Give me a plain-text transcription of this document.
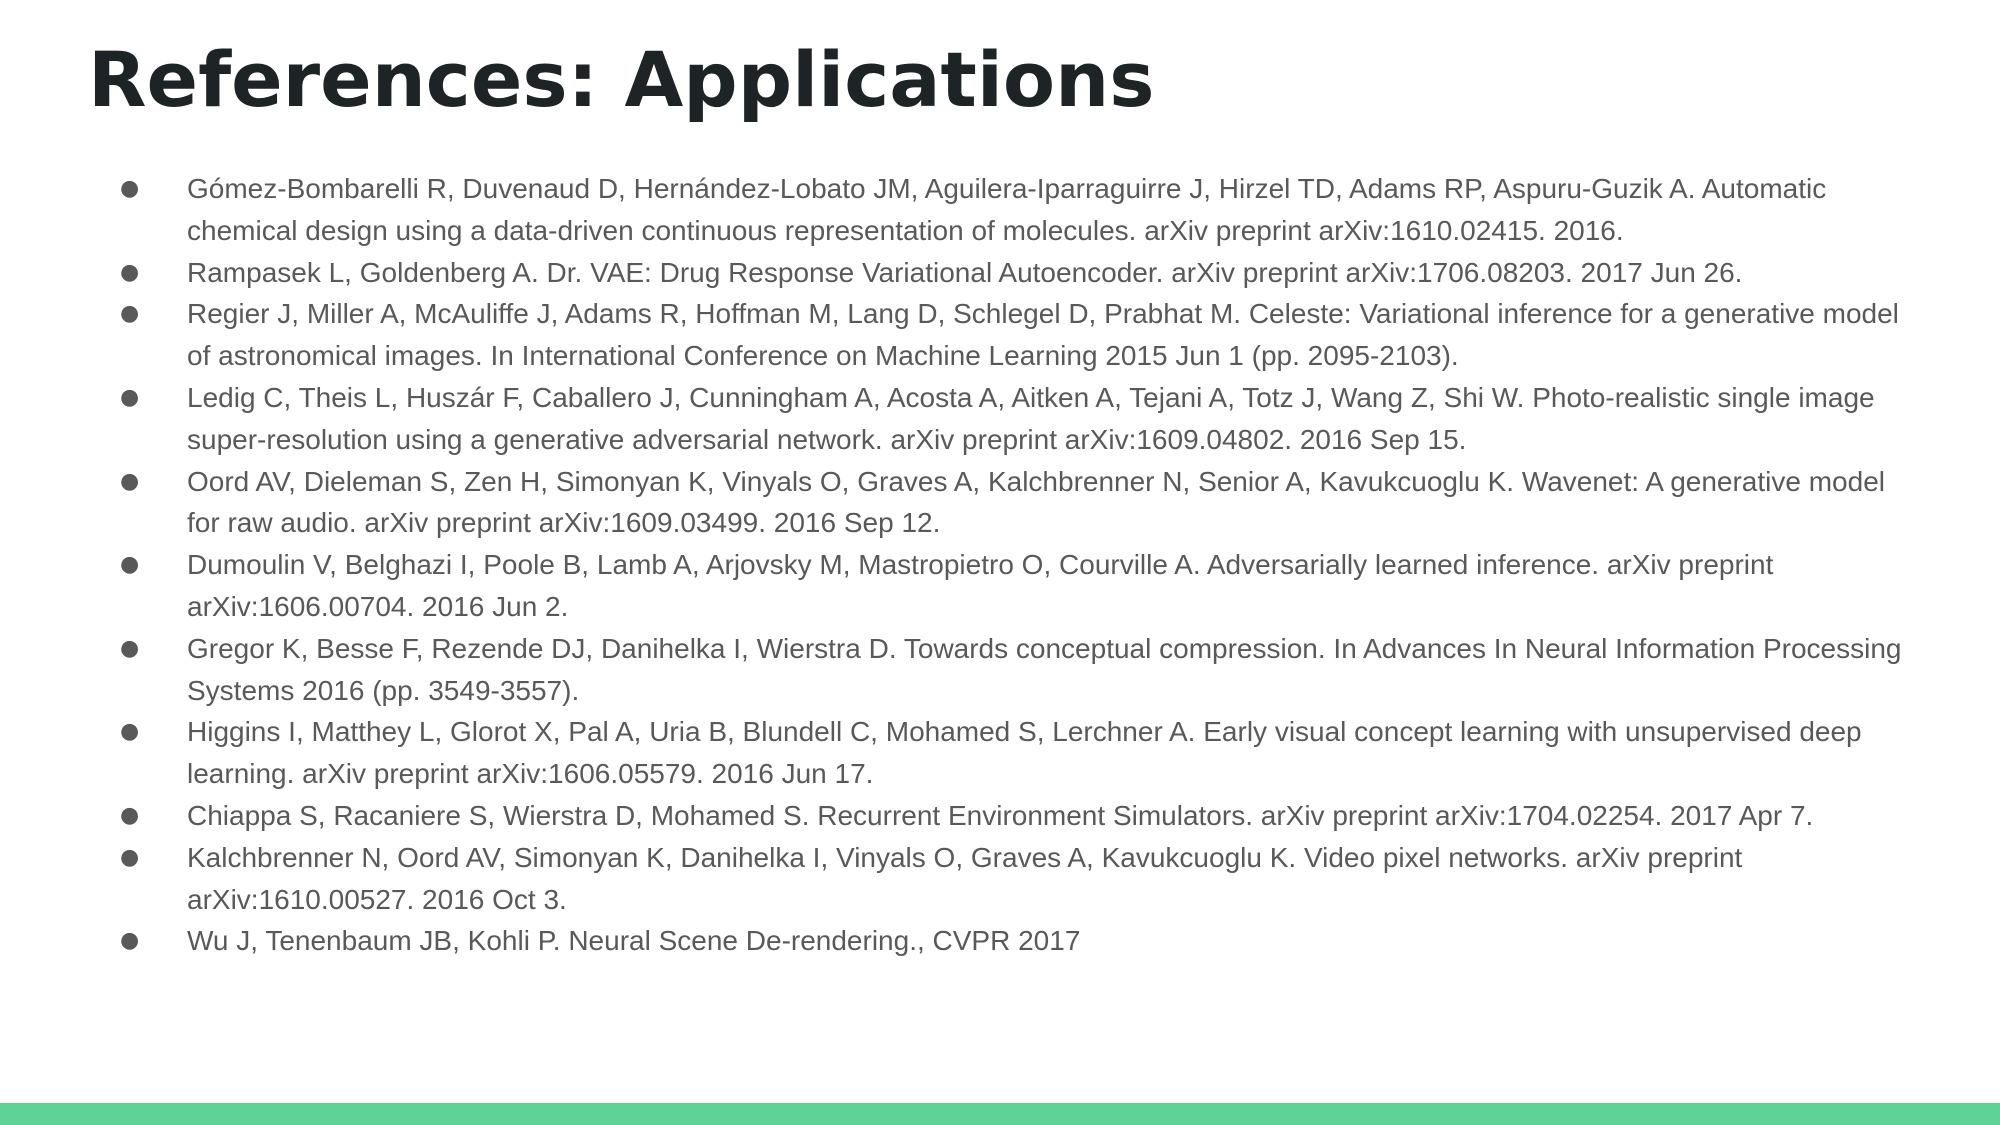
References: Applications
● Gómez-Bombarelli R, Duvenaud D, Hernández-Lobato JM, Aguilera-Iparraguirre J, Hirzel TD, Adams RP, Aspuru-Guzik A. Automatic chemical design using a data-driven continuous representation of molecules. arXiv preprint arXiv:1610.02415. 2016.
● Rampasek L, Goldenberg A. Dr. VAE: Drug Response Variational Autoencoder. arXiv preprint arXiv:1706.08203. 2017 Jun 26.
● Regier J, Miller A, McAuliffe J, Adams R, Hoffman M, Lang D, Schlegel D, Prabhat M. Celeste: Variational inference for a generative model of astronomical images. In International Conference on Machine Learning 2015 Jun 1 (pp. 2095-2103).
● Ledig C, Theis L, Huszár F, Caballero J, Cunningham A, Acosta A, Aitken A, Tejani A, Totz J, Wang Z, Shi W. Photo-realistic single image super-resolution using a generative adversarial network. arXiv preprint arXiv:1609.04802. 2016 Sep 15.
● Oord AV, Dieleman S, Zen H, Simonyan K, Vinyals O, Graves A, Kalchbrenner N, Senior A, Kavukcuoglu K. Wavenet: A generative model for raw audio. arXiv preprint arXiv:1609.03499. 2016 Sep 12.
● Dumoulin V, Belghazi I, Poole B, Lamb A, Arjovsky M, Mastropietro O, Courville A. Adversarially learned inference. arXiv preprint arXiv:1606.00704. 2016 Jun 2.
● Gregor K, Besse F, Rezende DJ, Danihelka I, Wierstra D. Towards conceptual compression. In Advances In Neural Information Processing Systems 2016 (pp. 3549-3557).
● Higgins I, Matthey L, Glorot X, Pal A, Uria B, Blundell C, Mohamed S, Lerchner A. Early visual concept learning with unsupervised deep learning. arXiv preprint arXiv:1606.05579. 2016 Jun 17.
● Chiappa S, Racaniere S, Wierstra D, Mohamed S. Recurrent Environment Simulators. arXiv preprint arXiv:1704.02254. 2017 Apr 7.
● Kalchbrenner N, Oord AV, Simonyan K, Danihelka I, Vinyals O, Graves A, Kavukcuoglu K. Video pixel networks. arXiv preprint arXiv:1610.00527. 2016 Oct 3.
● Wu J, Tenenbaum JB, Kohli P. Neural Scene De-rendering., CVPR 2017
